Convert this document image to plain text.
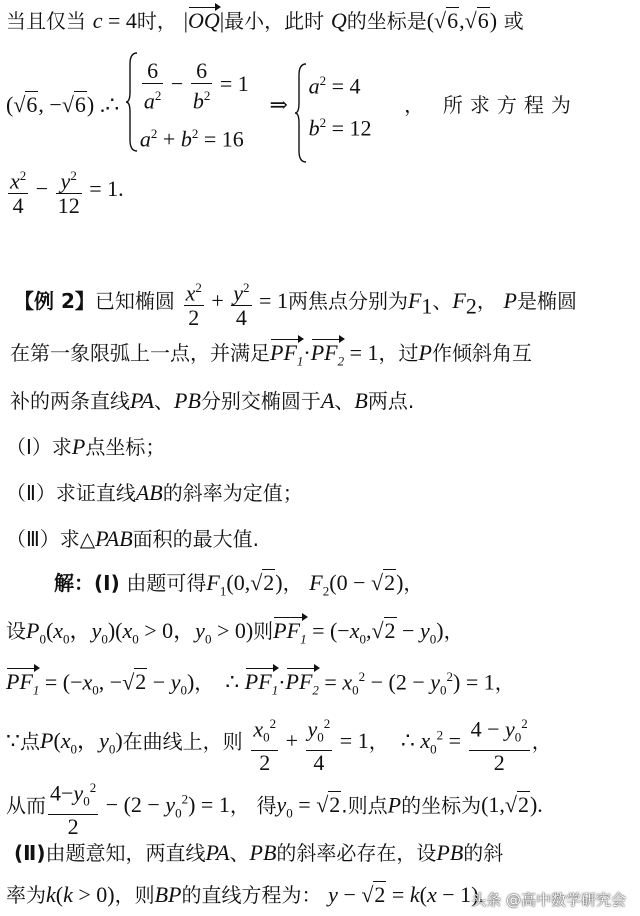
当且仅当 c = 4时， |OQ|最小，此时 Q的坐标是(√6,√6) 或
(√6, −√6) .∴ $\frac{6}{a^2} - \frac{6}{b^2} = 1$
$a^2 + b^2 = 16$
⇒
$a^2 = 4$
$b^2 = 12$
， 所求方程为
$\frac{x^2}{4} - \frac{y^2}{12} = 1$.
【例 2】已知椭圆 $\frac{x^2}{2} + \frac{y^2}{4} = 1$两焦点分别为$F_1$、$F_2$， P是椭圆
在第一象限弧上一点，并满足$PF_1\cdot PF_2 = 1$，过P作倾斜角互
补的两条直线PA、PB分别交椭圆于A、B两点.
（Ⅰ）求P点坐标；
（Ⅱ）求证直线AB的斜率为定值；
（Ⅲ）求△PAB面积的最大值.
解：(Ⅰ) 由题可得$F_1(0,√2)$， $F_2(0 - √2)$，
设$P_0(x_0$，$y_0)(x_0 > 0$，$y_0 > 0$)则$PF_1 = (-x_0,√2 - y_0)$，
$PF_1 = (-x_0$, $-√2 - y_0$)，  ∴ $PF_1\cdot PF_2 = x_0^2 - (2 - y_0^2) = 1$，
∵点$P(x_0$，$y_0$)在曲线上，则 $\frac{x_0^2}{2} + \frac{y_0^2}{4} = 1$，  ∴ $x_0^2 = \frac{4 - y_0^2}{2}$ ，
从而 $\frac{4-y_0^2}{2} - (2 - y_0^2) = 1$， 得$y_0 = √2$.则点P的坐标为(1,√2).
(Ⅱ)由题意知，两直线PA、PB的斜率必存在，设PB的斜
率为k(k > 0)，则BP的直线方程为： y − √2 = k(x − 1).
头条 @高中数学研究会
